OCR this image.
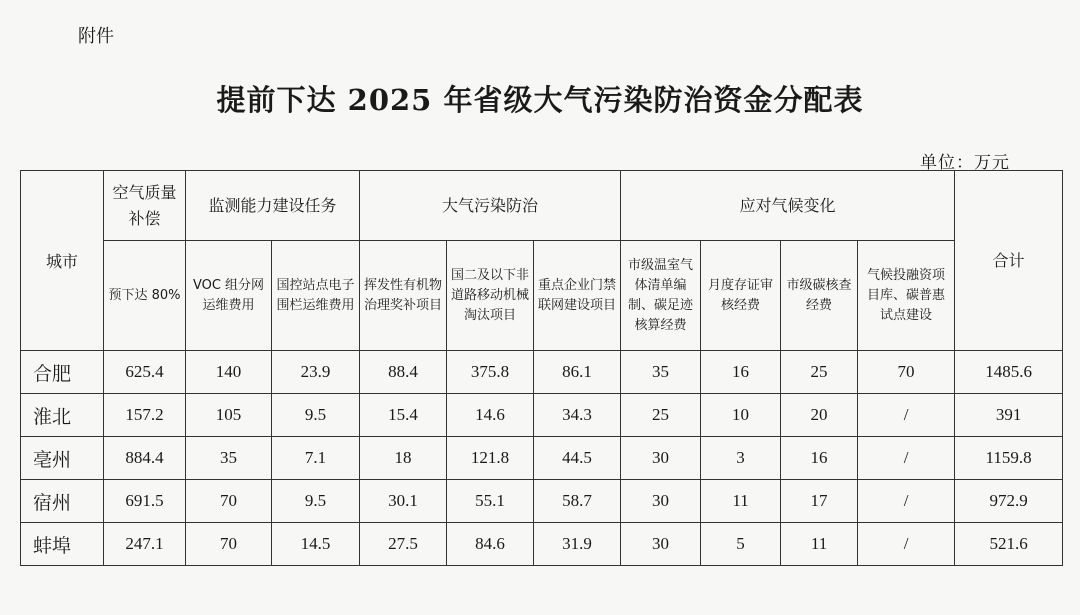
附件
提前下达 2025 年省级大气污染防治资金分配表
单位：万元
城市	空气质量补偿	监测能力建设任务		大气污染防治			应对气候变化				合计
	预下达 80%	VOC 组分网运维费用	国控站点电子围栏运维费用	挥发性有机物治理奖补项目	国二及以下非道路移动机械淘汰项目	重点企业门禁联网建设项目	市级温室气体清单编制、碳足迹核算经费	月度存证审核经费	市级碳核查经费	气候投融资项目库、碳普惠试点建设	
合肥	625.4	140	23.9	88.4	375.8	86.1	35	16	25	70	1485.6
淮北	157.2	105	9.5	15.4	14.6	34.3	25	10	20	/	391
亳州	884.4	35	7.1	18	121.8	44.5	30	3	16	/	1159.8
宿州	691.5	70	9.5	30.1	55.1	58.7	30	11	17	/	972.9
蚌埠	247.1	70	14.5	27.5	84.6	31.9	30	5	11	/	521.6
